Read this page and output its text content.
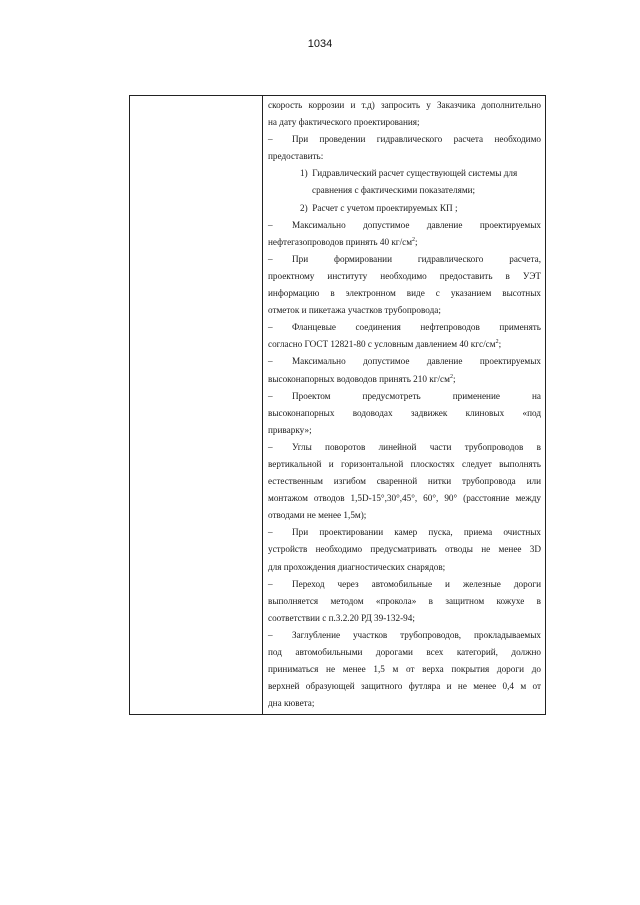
1034
скорость коррозии и т.д) запросить у Заказчика дополнительно
на дату фактического проектирования;
– При проведении гидравлического расчета необходимо
предоставить:
1) Гидравлический расчет существующей системы для
сравнения с фактическими показателями;
2) Расчет с учетом проектируемых КП ;
– Максимально допустимое давление проектируемых
нефтегазопроводов принять 40 $кг/см^2$;
– При формировании гидравлического расчета,
проектному институту необходимо предоставить в УЭТ
информацию в электронном виде с указанием высотных
отметок и пикетажа участков трубопровода;
– Фланцевые соединения нефтепроводов применять
согласно ГОСТ 12821-80 с условным давлением 40 кгс/$см^2$;
– Максимально допустимое давление проектируемых
высоконапорных водоводов принять 210 $кг/см^2$;
– Проектом предусмотреть применение на
высоконапорных водоводах задвижек клиновых «под
приварку»;
– Углы поворотов линейной части трубопроводов в
вертикальной и горизонтальной плоскостях следует выполнять
естественным изгибом сваренной нитки трубопровода или
монтажом отводов 1,5D-15°,30°,45°, 60°, 90° (расстояние между
отводами не менее 1,5м);
– При проектировании камер пуска, приема очистных
устройств необходимо предусматривать отводы не менее 3D
для прохождения диагностических снарядов;
– Переход через автомобильные и железные дороги
выполняется методом «прокола» в защитном кожухе в
соответствии с п.3.2.20 РД 39-132-94;
– Заглубление участков трубопроводов, прокладываемых
под автомобильными дорогами всех категорий, должно
приниматься не менее 1,5 м от верха покрытия дороги до
верхней образующей защитного футляра и не менее 0,4 м от
дна кювета;
